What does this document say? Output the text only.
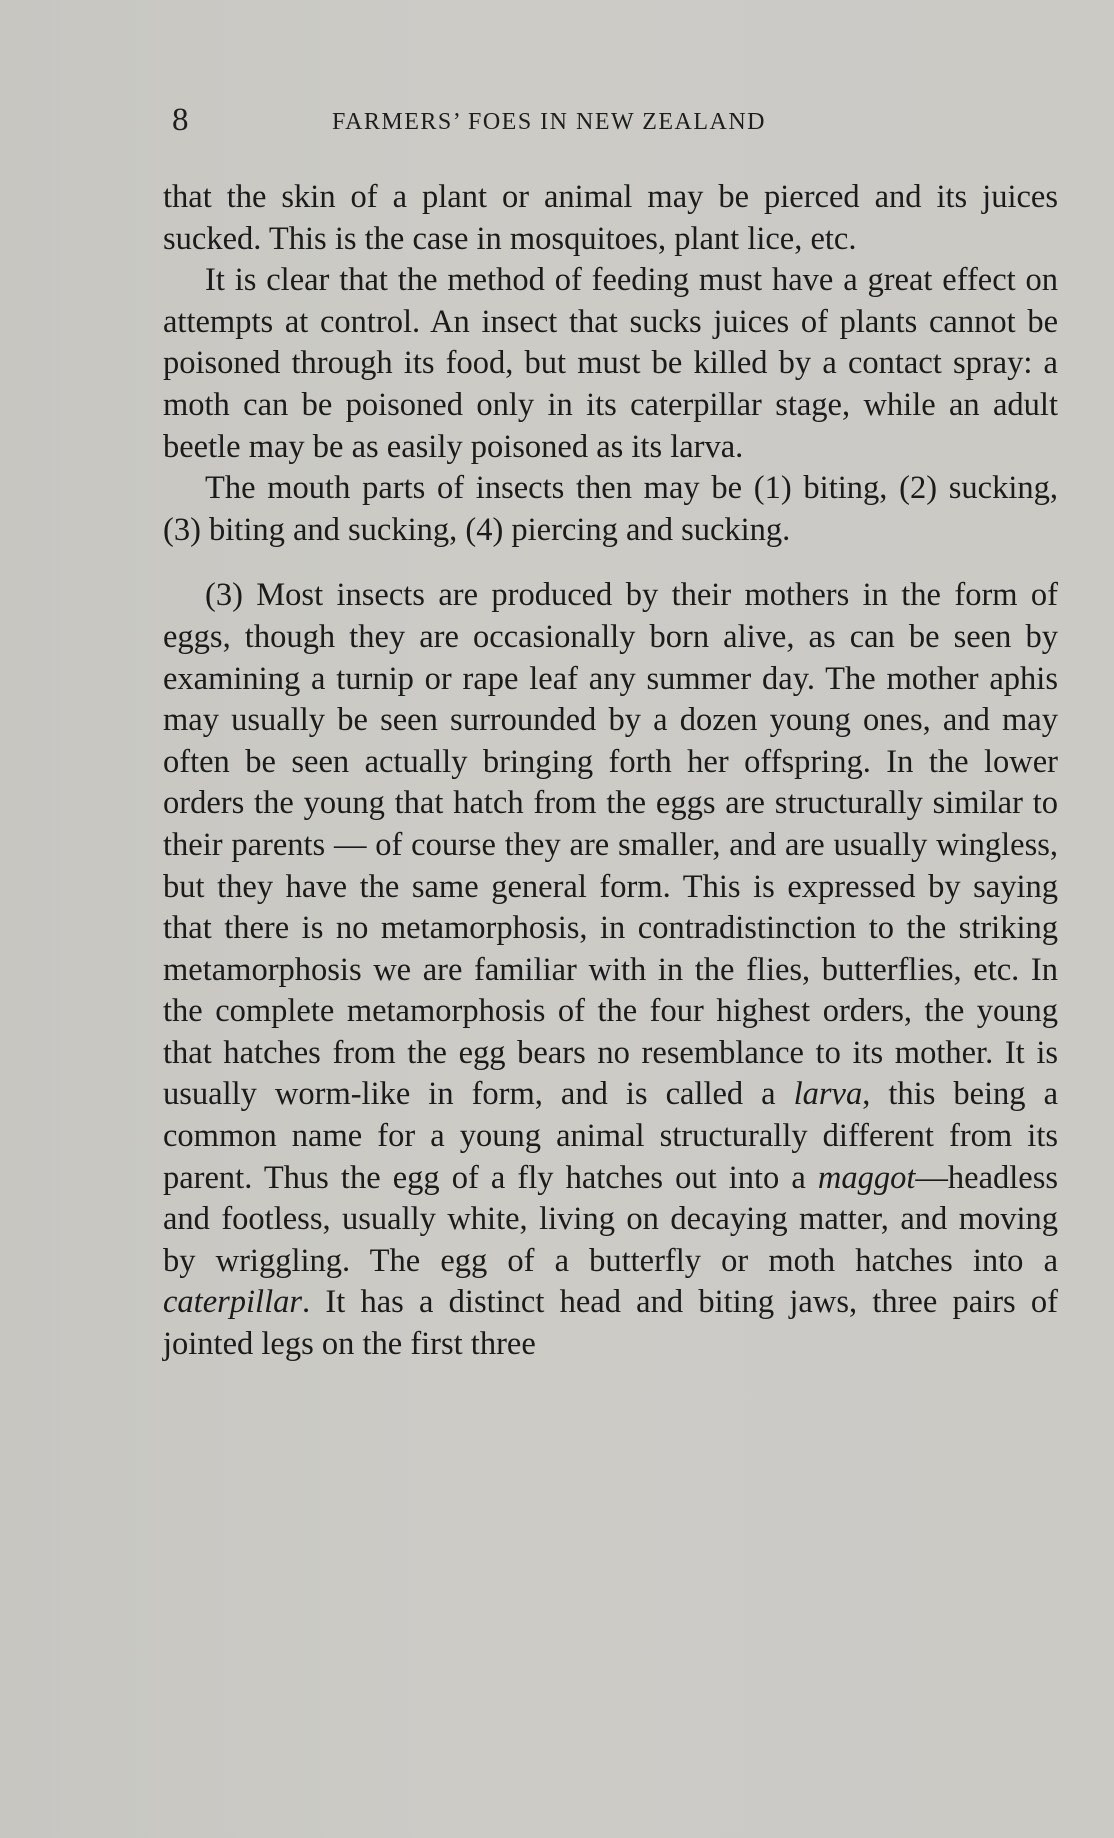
8	FARMERS’ FOES IN NEW ZEALAND

that the skin of a plant or animal may be pierced and its juices sucked. This is the case in mosquitoes, plant lice, etc.

It is clear that the method of feeding must have a great effect on attempts at control. An insect that sucks juices of plants cannot be poisoned through its food, but must be killed by a contact spray: a moth can be poisoned only in its caterpillar stage, while an adult beetle may be as easily poisoned as its larva.

The mouth parts of insects then may be (1) biting, (2) sucking, (3) biting and sucking, (4) piercing and sucking.

(3) Most insects are produced by their mothers in the form of eggs, though they are occasionally born alive, as can be seen by examining a turnip or rape leaf any summer day. The mother aphis may usually be seen surrounded by a dozen young ones, and may often be seen actually bringing forth her offspring. In the lower orders the young that hatch from the eggs are structurally similar to their parents — of course they are smaller, and are usually wingless, but they have the same general form. This is expressed by saying that there is no metamorphosis, in contradistinction to the striking metamorphosis we are familiar with in the flies, butterflies, etc. In the complete metamorphosis of the four highest orders, the young that hatches from the egg bears no resemblance to its mother. It is usually worm-like in form, and is called a larva, this being a common name for a young animal structurally different from its parent. Thus the egg of a fly hatches out into a maggot—headless and footless, usually white, living on decaying matter, and moving by wriggling. The egg of a butterfly or moth hatches into a caterpillar. It has a distinct head and biting jaws, three pairs of jointed legs on the first three
